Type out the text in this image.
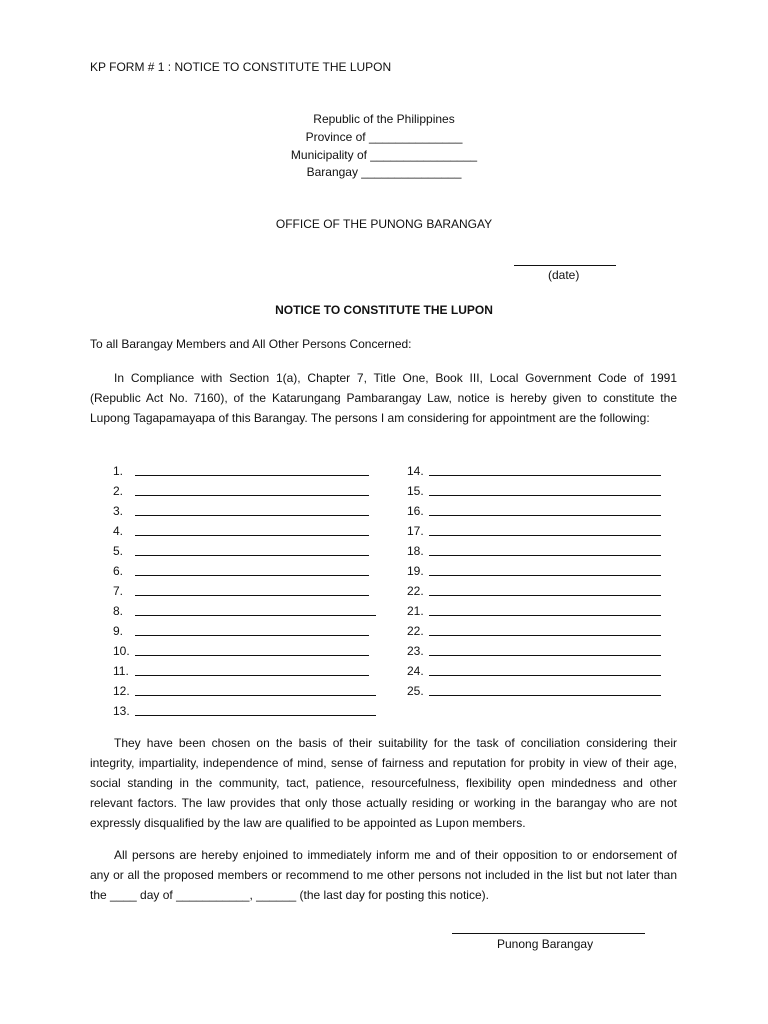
KP FORM # 1 : NOTICE TO CONSTITUTE THE LUPON
Republic of the Philippines
Province of ______________
Municipality of ________________
Barangay _______________
OFFICE OF THE PUNONG BARANGAY
(date)
NOTICE TO CONSTITUTE THE LUPON
To all Barangay Members and All Other Persons Concerned:
In Compliance with Section 1(a), Chapter 7, Title One, Book III, Local Government Code of 1991 (Republic Act No. 7160), of the Katarungang Pambarangay Law, notice is hereby given to constitute the Lupong Tagapamayapa of this Barangay. The persons I am considering for appointment are the following:
1.
2.
3.
4.
5.
6.
7.
8.
9.
10.
11.
12.
13.
14.
15.
16.
17.
18.
19.
22.
21.
22.
23.
24.
25.
They have been chosen on the basis of their suitability for the task of conciliation considering their integrity, impartiality, independence of mind, sense of fairness and reputation for probity in view of their age, social standing in the community, tact, patience, resourcefulness, flexibility open mindedness and other relevant factors. The law provides that only those actually residing or working in the barangay who are not expressly disqualified by the law are qualified to be appointed as Lupon members.
All persons are hereby enjoined to immediately inform me and of their opposition to or endorsement of any or all the proposed members or recommend to me other persons not included in the list but not later than the ____ day of ___________, ______ (the last day for posting this notice).
Punong Barangay
